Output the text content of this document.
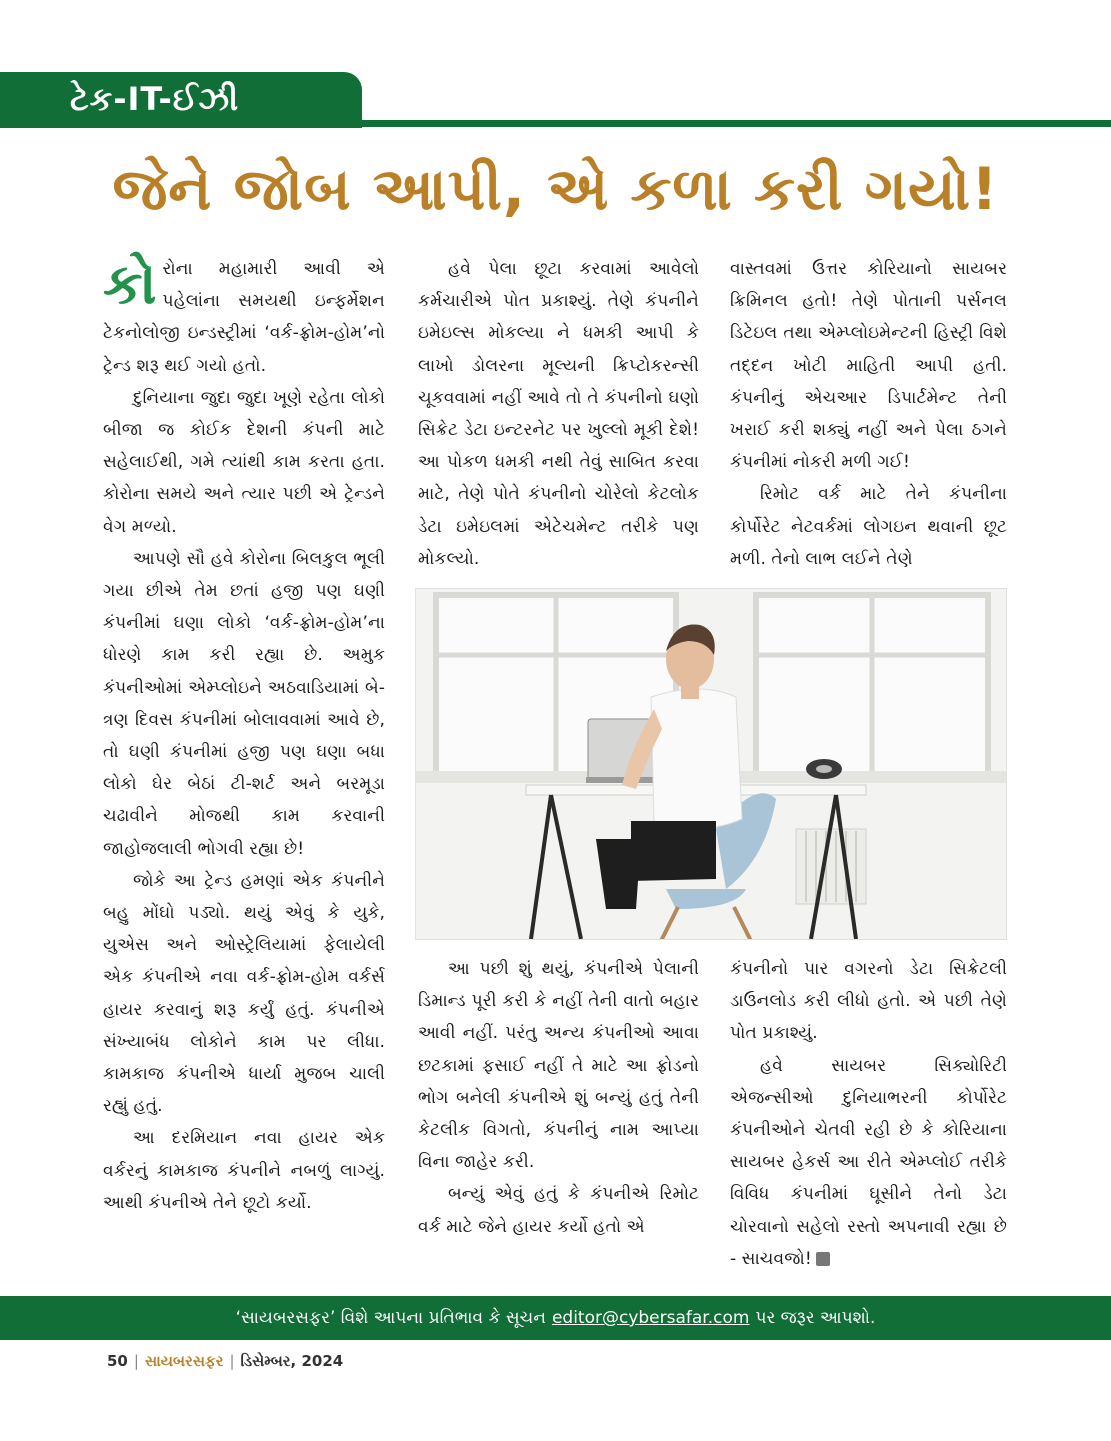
ટેક-IT-ઈઝી
જેને જોબ આપી, એ કળા કરી ગયો!

કોરોના મહામારી આવી એ પહેલાંના સમયથી ઇન્ફર્મેશન ટેકનોલોજી ઇન્ડસ્ટ્રીમાં ‘વર્ક-ફ્રોમ-હોમ’નો ટ્રેન્ડ શરૂ થઈ ગયો હતો.

દુનિયાના જુદા જુદા ખૂણે રહેતા લોકો બીજા જ કોઈક દેશની કંપની માટે સહેલાઈથી, ગમે ત્યાંથી કામ કરતા હતા. કોરોના સમયે અને ત્યાર પછી એ ટ્રેન્ડને વેગ મળ્યો.

આપણે સૌ હવે કોરોના બિલકુલ ભૂલી ગયા છીએ તેમ છતાં હજી પણ ઘણી કંપનીમાં ઘણા લોકો ‘વર્ક-ફ્રોમ-હોમ’ના ધોરણે કામ કરી રહ્યા છે. અમુક કંપનીઓમાં એમ્પ્લોઇને અઠવાડિયામાં બે-ત્રણ દિવસ કંપનીમાં બોલાવવામાં આવે છે, તો ઘણી કંપનીમાં હજી પણ ઘણા બધા લોકો ઘેર બેઠાં ટી-શર્ટ અને બરમૂડા ચઢાવીને મોજથી કામ કરવાની જાહોજલાલી ભોગવી રહ્યા છે!

જોકે આ ટ્રેન્ડ હમણાં એક કંપનીને બહુ મોંઘો પડ્યો. થયું એવું કે યુકે, યુએસ અને ઓસ્ટ્રેલિયામાં ફેલાયેલી એક કંપનીએ નવા વર્ક-ફ્રોમ-હોમ વર્કર્સ હાયર કરવાનું શરૂ કર્યું હતું. કંપનીએ સંખ્યાબંધ લોકોને કામ પર લીધા. કામકાજ કંપનીએ ધાર્યા મુજબ ચાલી રહ્યું હતું.

આ દરમિયાન નવા હાયર એક વર્કરનું કામકાજ કંપનીને નબળું લાગ્યું. આથી કંપનીએ તેને છૂટો કર્યો.

હવે પેલા છૂટા કરવામાં આવેલો કર્મચારીએ પોત પ્રકાશ્યું. તેણે કંપનીને ઇમેઇલ્સ મોકલ્યા ને ધમકી આપી કે લાખો ડોલરના મૂલ્યની ક્રિપ્ટોકરન્સી ચૂકવવામાં નહીં આવે તો તે કંપનીનો ઘણો સિક્રેટ ડેટા ઇન્ટરનેટ પર ખુલ્લો મૂકી દેશે! આ પોકળ ધમકી નથી તેવું સાબિત કરવા માટે, તેણે પોતે કંપનીનો ચોરેલો કેટલોક ડેટા ઇમેઇલમાં એટેચમેન્ટ તરીકે પણ મોકલ્યો.

વાસ્તવમાં ઉત્તર કોરિયાનો સાયબર ક્રિમિનલ હતો! તેણે પોતાની પર્સનલ ડિટેઇલ તથા એમ્પ્લોઇમેન્ટની હિસ્ટ્રી વિશે તદ્દન ખોટી માહિતી આપી હતી. કંપનીનું એચઆર ડિપાર્ટમેન્ટ તેની ખરાઈ કરી શક્યું નહીં અને પેલા ઠગને કંપનીમાં નોકરી મળી ગઈ!

રિમોટ વર્ક માટે તેને કંપનીના કોર્પોરેટ નેટવર્કમાં લોગઇન થવાની છૂટ મળી. તેનો લાભ લઈને તેણે

આ પછી શું થયું, કંપનીએ પેલાની ડિમાન્ડ પૂરી કરી કે નહીં તેની વાતો બહાર આવી નહીં. પરંતુ અન્ય કંપનીઓ આવા છટકામાં ફસાઈ નહીં તે માટે આ ફ્રોડનો ભોગ બનેલી કંપનીએ શું બન્યું હતું તેની કેટલીક વિગતો, કંપનીનું નામ આપ્યા વિના જાહેર કરી.

બન્યું એવું હતું કે કંપનીએ રિમોટ વર્ક માટે જેને હાયર કર્યો હતો એ

કંપનીનો પાર વગરનો ડેટા સિક્રેટલી ડાઉનલોડ કરી લીધો હતો. એ પછી તેણે પોત પ્રકાશ્યું.

હવે સાયબર સિક્યોરિટી એજન્સીઓ દુનિયાભરની કોર્પોરેટ કંપનીઓને ચેતવી રહી છે કે કોરિયાના સાયબર હેકર્સ આ રીતે એમ્પ્લોઈ તરીકે વિવિધ કંપનીમાં ઘૂસીને તેનો ડેટા ચોરવાનો સહેલો રસ્તો અપનાવી રહ્યા છે - સાચવજો!

‘સાયબરસફર’ વિશે આપના પ્રતિભાવ કે સૂચન editor@cybersafar.com પર જરૂર આપશો.
50 | સાયબરસફર | ડિસેમ્બર, 2024
